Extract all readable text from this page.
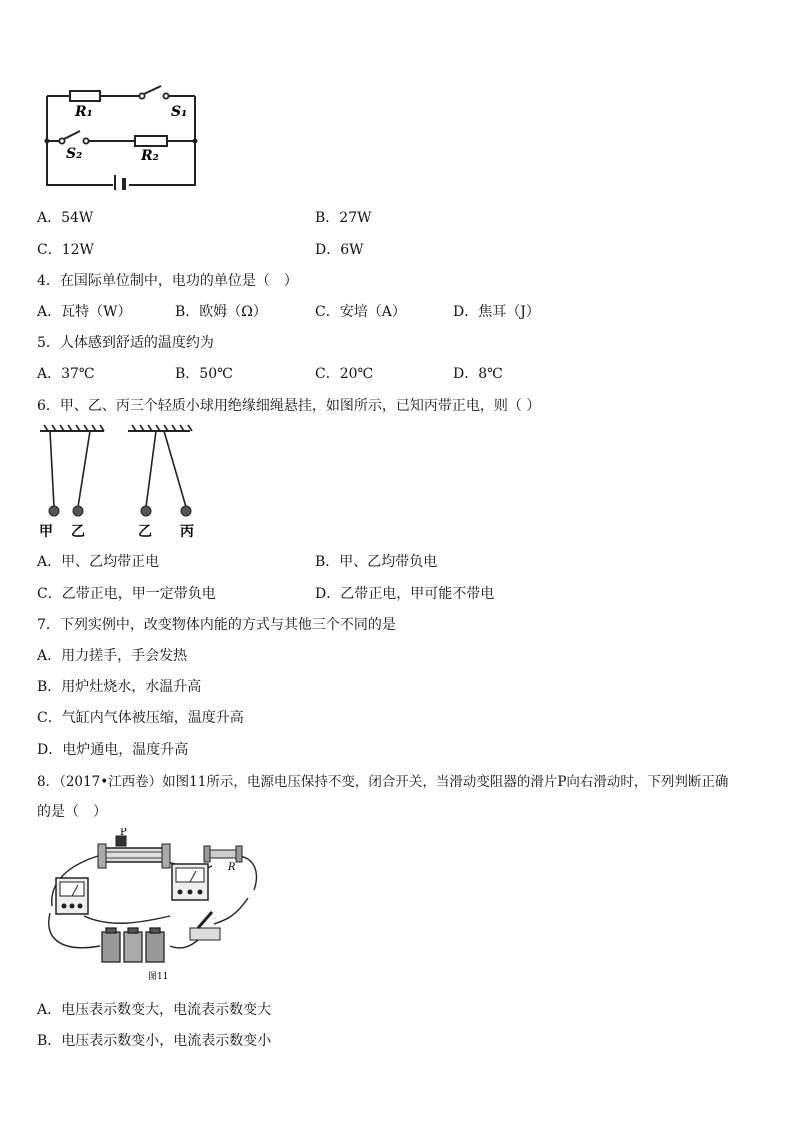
R₁	S₁
S₂	R₂
A．54W	B．27W
C．12W	D．6W
4．在国际单位制中，电功的单位是（　）
A．瓦特（W）	B．欧姆（Ω）	C．安培（A）	D．焦耳（J）
5．人体感到舒适的温度约为
A．37℃	B．50℃	C．20℃	D．8℃
6．甲、乙、丙三个轻质小球用绝缘细绳悬挂，如图所示，已知丙带正电，则（ ）
甲 乙	乙 丙
A．甲、乙均带正电	B．甲、乙均带负电
C．乙带正电，甲一定带负电	D．乙带正电，甲可能不带电
7．下列实例中，改变物体内能的方式与其他三个不同的是
A．用力搓手，手会发热
B．用炉灶烧水，水温升高
C．气缸内气体被压缩，温度升高
D．电炉通电，温度升高
8．（2017•江西卷）如图11所示，电源电压保持不变，闭合开关，当滑动变阻器的滑片P向右滑动时，下列判断正确
的是（　）
P
R
图11
A．电压表示数变大，电流表示数变大
B．电压表示数变小，电流表示数变小
